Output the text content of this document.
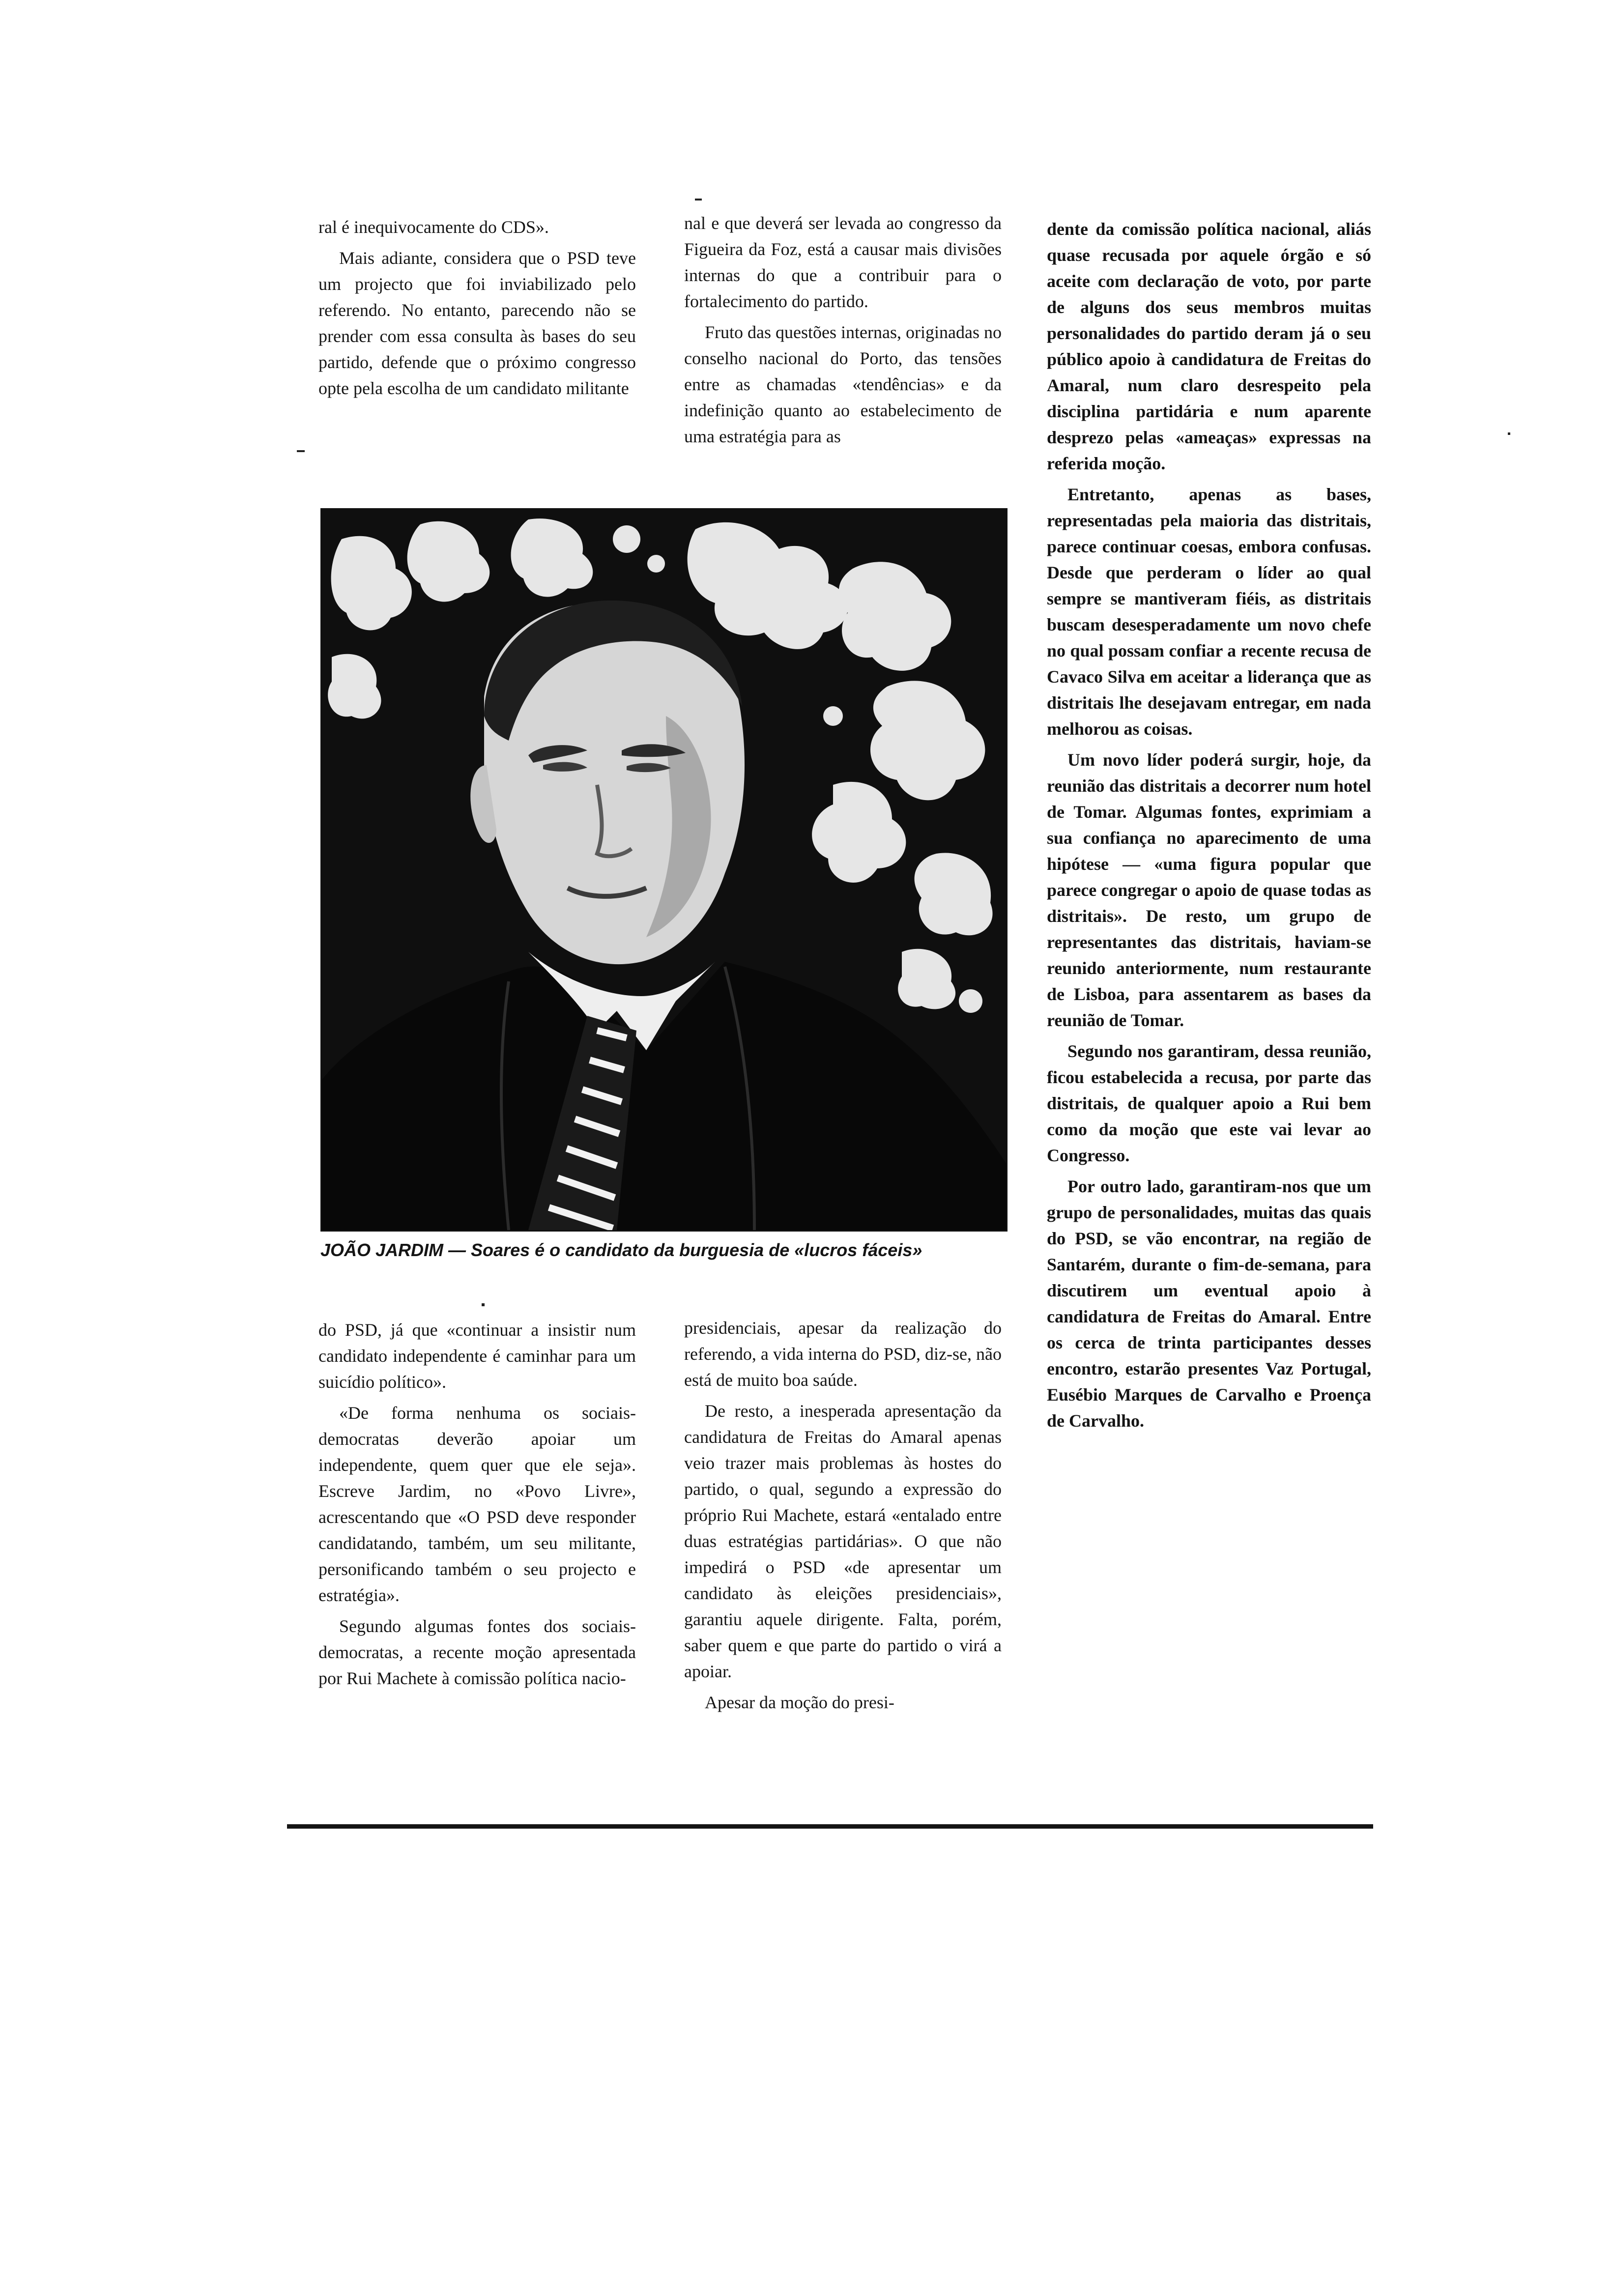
ral é inequivocamente do CDS».

Mais adiante, considera que o PSD teve um projecto que foi inviabilizado pelo referendo. No entanto, parecendo não se prender com essa consulta às bases do seu partido, defende que o próximo congresso opte pela escolha de um candidato militante

nal e que deverá ser levada ao congresso da Figueira da Foz, está a causar mais divisões internas do que a contribuir para o fortalecimento do partido.

Fruto das questões internas, originadas no conselho nacional do Porto, das tensões entre as chamadas «tendências» e da indefinição quanto ao estabelecimento de uma estratégia para as

JOÃO JARDIM — Soares é o candidato da burguesia de «lucros fáceis»

do PSD, já que «continuar a insistir num candidato independente é caminhar para um suicídio político».

«De forma nenhuma os sociais-democratas deverão apoiar um independente, quem quer que ele seja». Escreve Jardim, no «Povo Livre», acrescentando que «O PSD deve responder candidatando, também, um seu militante, personificando também o seu projecto e estratégia».

Segundo algumas fontes dos sociais-democratas, a recente moção apresentada por Rui Machete à comissão política nacio-

presidenciais, apesar da realização do referendo, a vida interna do PSD, diz-se, não está de muito boa saúde.

De resto, a inesperada apresentação da candidatura de Freitas do Amaral apenas veio trazer mais problemas às hostes do partido, o qual, segundo a expressão do próprio Rui Machete, estará «entalado entre duas estratégias partidárias». O que não impedirá o PSD «de apresentar um candidato às eleições presidenciais», garantiu aquele dirigente. Falta, porém, saber quem e que parte do partido o virá a apoiar.

Apesar da moção do presi-

dente da comissão política nacional, aliás quase recusada por aquele órgão e só aceite com declaração de voto, por parte de alguns dos seus membros muitas personalidades do partido deram já o seu público apoio à candidatura de Freitas do Amaral, num claro desrespeito pela disciplina partidária e num aparente desprezo pelas «ameaças» expressas na referida moção.

Entretanto, apenas as bases, representadas pela maioria das distritais, parece continuar coesas, embora confusas. Desde que perderam o líder ao qual sempre se mantiveram fiéis, as distritais buscam desesperadamente um novo chefe no qual possam confiar a recente recusa de Cavaco Silva em aceitar a liderança que as distritais lhe desejavam entregar, em nada melhorou as coisas.

Um novo líder poderá surgir, hoje, da reunião das distritais a decorrer num hotel de Tomar. Algumas fontes, exprimiam a sua confiança no aparecimento de uma hipótese — «uma figura popular que parece congregar o apoio de quase todas as distritais». De resto, um grupo de representantes das distritais, haviam-se reunido anteriormente, num restaurante de Lisboa, para assentarem as bases da reunião de Tomar.

Segundo nos garantiram, dessa reunião, ficou estabelecida a recusa, por parte das distritais, de qualquer apoio a Rui bem como da moção que este vai levar ao Congresso.

Por outro lado, garantiram-nos que um grupo de personalidades, muitas das quais do PSD, se vão encontrar, na região de Santarém, durante o fim-de-semana, para discutirem um eventual apoio à candidatura de Freitas do Amaral. Entre os cerca de trinta participantes desses encontro, estarão presentes Vaz Portugal, Eusébio Marques de Carvalho e Proença de Carvalho.
